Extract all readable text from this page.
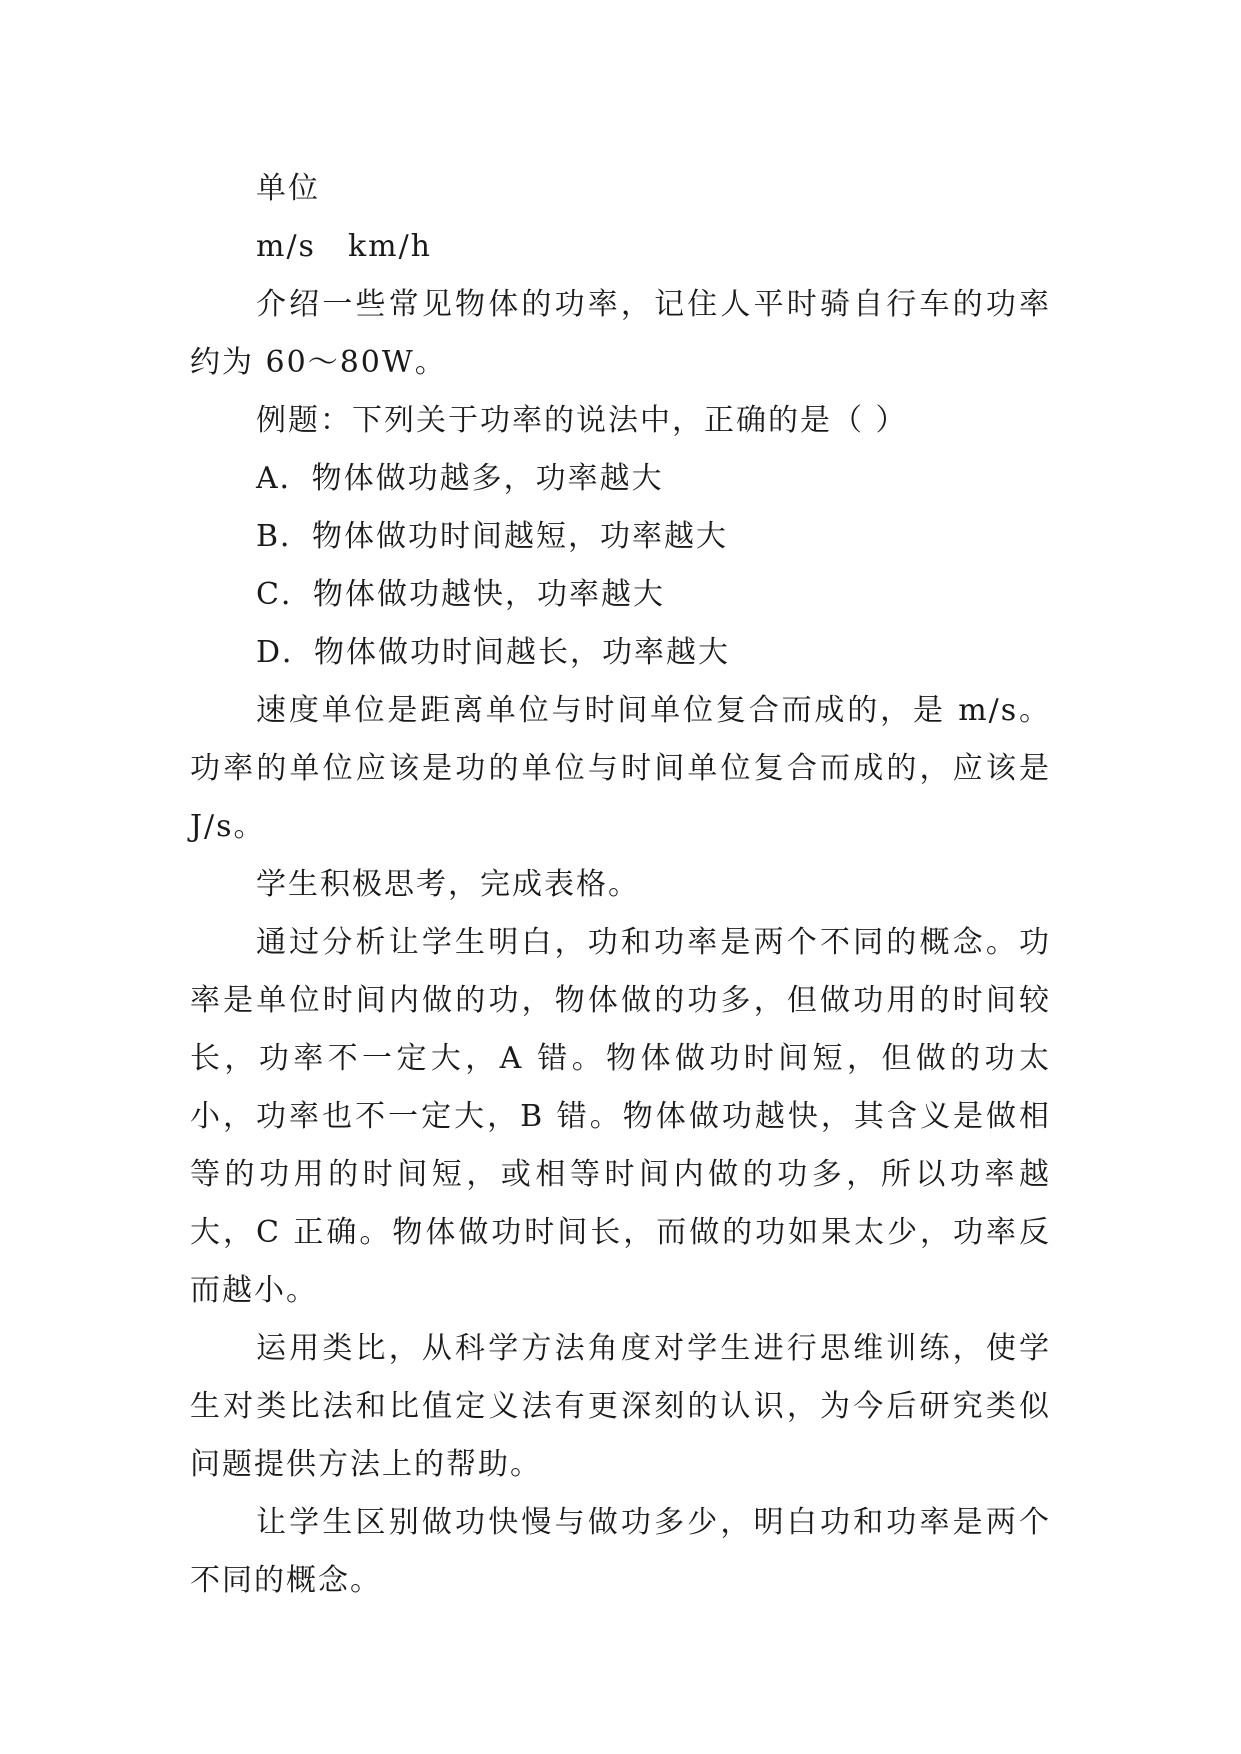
单位

m/s　km/h

介绍一些常见物体的功率，记住人平时骑自行车的功率约为 60～80W。

例题：下列关于功率的说法中，正确的是（ ）

A．物体做功越多，功率越大

B．物体做功时间越短，功率越大

C．物体做功越快，功率越大

D．物体做功时间越长，功率越大

速度单位是距离单位与时间单位复合而成的，是 m/s。功率的单位应该是功的单位与时间单位复合而成的，应该是 J/s。

学生积极思考，完成表格。

通过分析让学生明白，功和功率是两个不同的概念。功率是单位时间内做的功，物体做的功多，但做功用的时间较长，功率不一定大，A 错。物体做功时间短，但做的功太小，功率也不一定大，B 错。物体做功越快，其含义是做相等的功用的时间短，或相等时间内做的功多，所以功率越大，C 正确。物体做功时间长，而做的功如果太少，功率反而越小。

运用类比，从科学方法角度对学生进行思维训练，使学生对类比法和比值定义法有更深刻的认识，为今后研究类似问题提供方法上的帮助。

让学生区别做功快慢与做功多少，明白功和功率是两个不同的概念。
